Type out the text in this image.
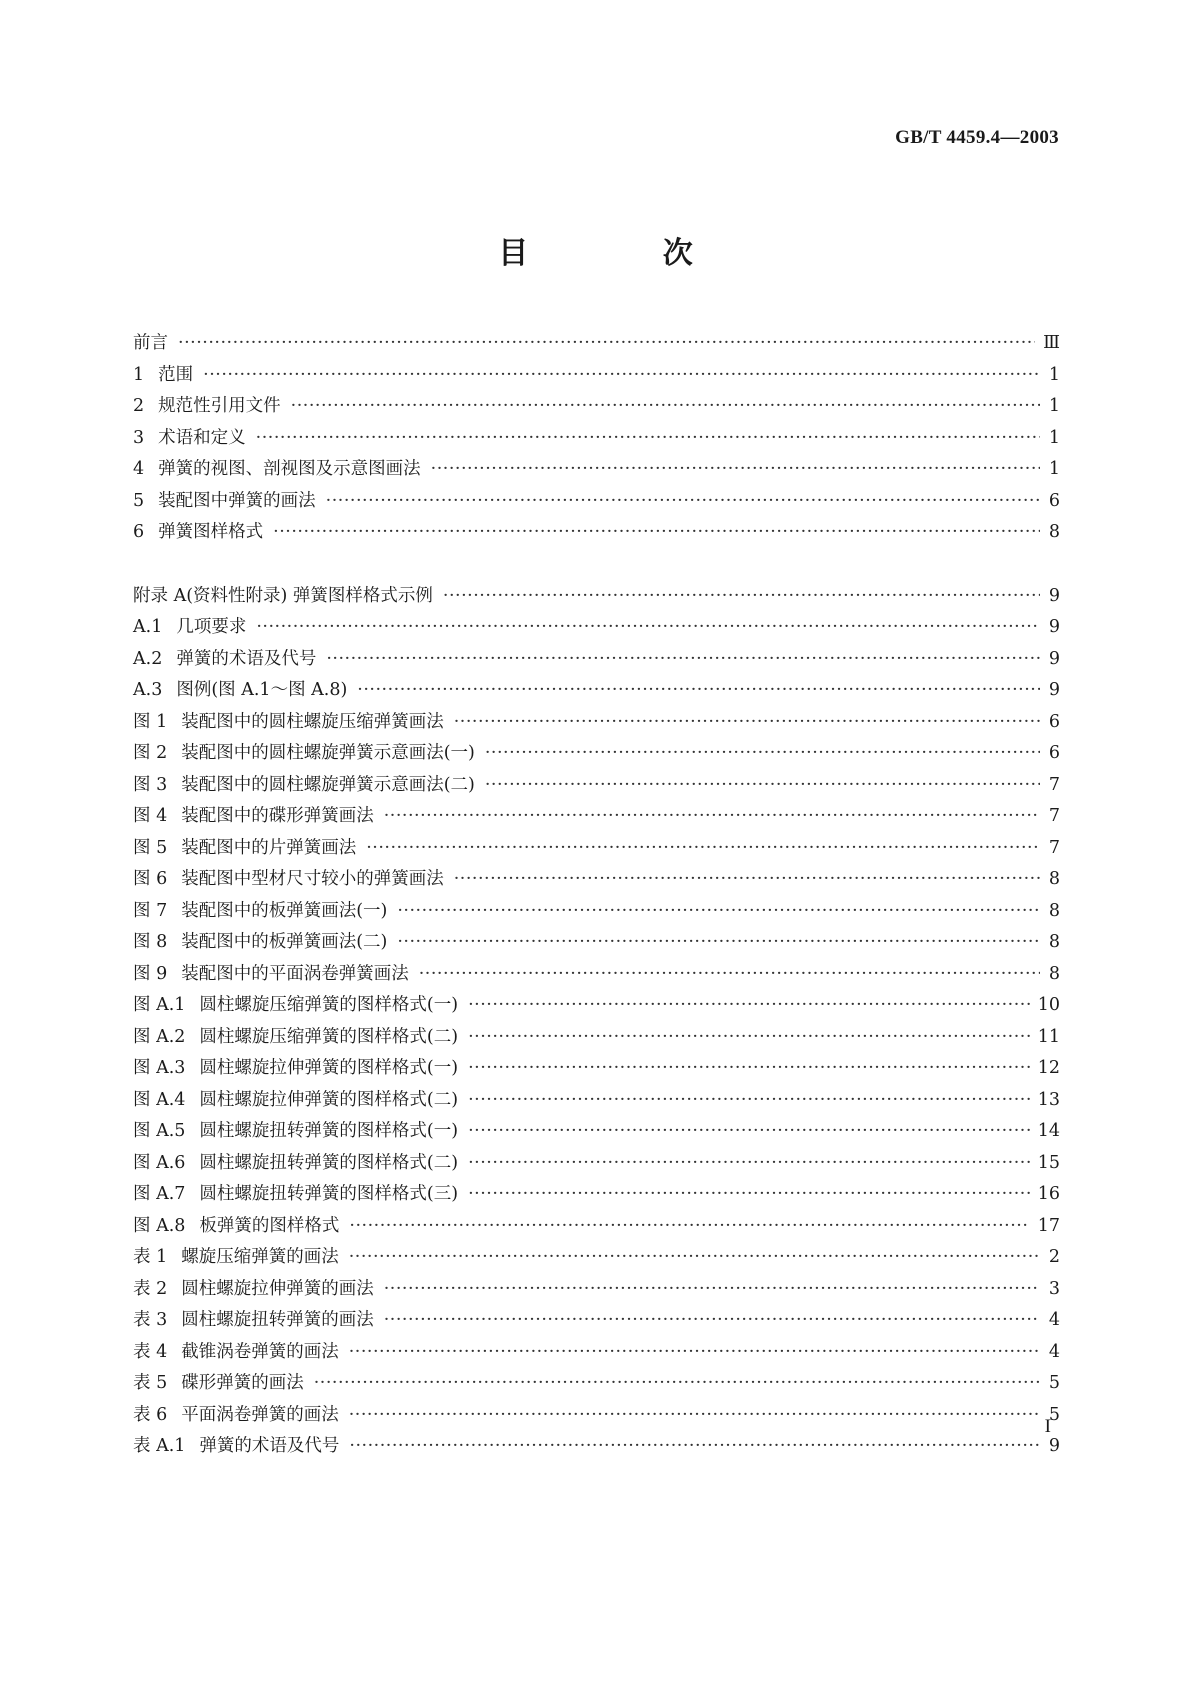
GB/T 4459.4—2003
目 次
前言 ·····	Ⅲ
1 范围 ·····	1
2 规范性引用文件 ·····	1
3 术语和定义 ·····	1
4 弹簧的视图、剖视图及示意图画法 ·····	1
5 装配图中弹簧的画法 ·····	6
6 弹簧图样格式 ·····	8
附录 A(资料性附录) 弹簧图样格式示例 ·····	9
A.1 几项要求 ·····	9
A.2 弹簧的术语及代号 ·····	9
A.3 图例(图 A.1～图 A.8) ·····	9
图 1 装配图中的圆柱螺旋压缩弹簧画法 ·····	6
图 2 装配图中的圆柱螺旋弹簧示意画法(一) ·····	6
图 3 装配图中的圆柱螺旋弹簧示意画法(二) ·····	7
图 4 装配图中的碟形弹簧画法 ·····	7
图 5 装配图中的片弹簧画法 ·····	7
图 6 装配图中型材尺寸较小的弹簧画法 ·····	8
图 7 装配图中的板弹簧画法(一) ·····	8
图 8 装配图中的板弹簧画法(二) ·····	8
图 9 装配图中的平面涡卷弹簧画法 ·····	8
图 A.1 圆柱螺旋压缩弹簧的图样格式(一) ·····	10
图 A.2 圆柱螺旋压缩弹簧的图样格式(二) ·····	11
图 A.3 圆柱螺旋拉伸弹簧的图样格式(一) ·····	12
图 A.4 圆柱螺旋拉伸弹簧的图样格式(二) ·····	13
图 A.5 圆柱螺旋扭转弹簧的图样格式(一) ·····	14
图 A.6 圆柱螺旋扭转弹簧的图样格式(二) ·····	15
图 A.7 圆柱螺旋扭转弹簧的图样格式(三) ·····	16
图 A.8 板弹簧的图样格式 ·····	17
表 1 螺旋压缩弹簧的画法 ·····	2
表 2 圆柱螺旋拉伸弹簧的画法 ·····	3
表 3 圆柱螺旋扭转弹簧的画法 ·····	4
表 4 截锥涡卷弹簧的画法 ·····	4
表 5 碟形弹簧的画法 ·····	5
表 6 平面涡卷弹簧的画法 ·····	5
表 A.1 弹簧的术语及代号 ·····	9
I
